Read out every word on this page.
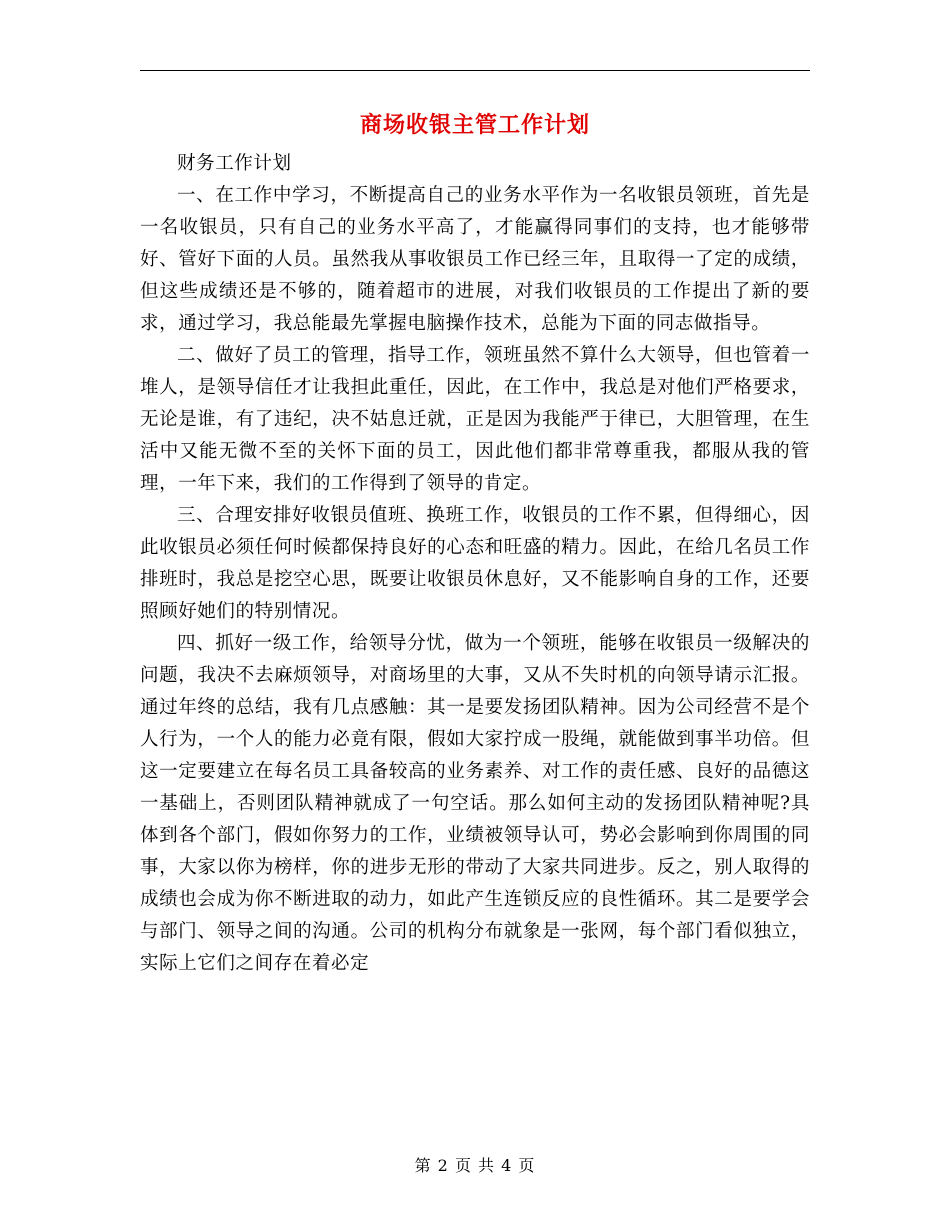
商场收银主管工作计划

财务工作计划

一、在工作中学习，不断提高自己的业务水平作为一名收银员领班，首先是一名收银员，只有自己的业务水平高了，才能赢得同事们的支持，也才能够带好、管好下面的人员。虽然我从事收银员工作已经三年，且取得一了定的成绩，但这些成绩还是不够的，随着超市的进展，对我们收银员的工作提出了新的要求，通过学习，我总能最先掌握电脑操作技术，总能为下面的同志做指导。

二、做好了员工的管理，指导工作，领班虽然不算什么大领导，但也管着一堆人，是领导信任才让我担此重任，因此，在工作中，我总是对他们严格要求，无论是谁，有了违纪，决不姑息迁就，正是因为我能严于律已，大胆管理，在生活中又能无微不至的关怀下面的员工，因此他们都非常尊重我，都服从我的管理，一年下来，我们的工作得到了领导的肯定。

三、合理安排好收银员值班、换班工作，收银员的工作不累，但得细心，因此收银员必须任何时候都保持良好的心态和旺盛的精力。因此，在给几名员工作排班时，我总是挖空心思，既要让收银员休息好，又不能影响自身的工作，还要照顾好她们的特别情况。

四、抓好一级工作，给领导分忧，做为一个领班，能够在收银员一级解决的问题，我决不去麻烦领导，对商场里的大事，又从不失时机的向领导请示汇报。通过年终的总结，我有几点感触：其一是要发扬团队精神。因为公司经营不是个人行为，一个人的能力必竟有限，假如大家拧成一股绳，就能做到事半功倍。但这一定要建立在每名员工具备较高的业务素养、对工作的责任感、良好的品德这一基础上，否则团队精神就成了一句空话。那么如何主动的发扬团队精神呢?具体到各个部门，假如你努力的工作，业绩被领导认可，势必会影响到你周围的同事，大家以你为榜样，你的进步无形的带动了大家共同进步。反之，别人取得的成绩也会成为你不断进取的动力，如此产生连锁反应的良性循环。其二是要学会与部门、领导之间的沟通。公司的机构分布就象是一张网，每个部门看似独立，实际上它们之间存在着必定

第 2 页 共 4 页
